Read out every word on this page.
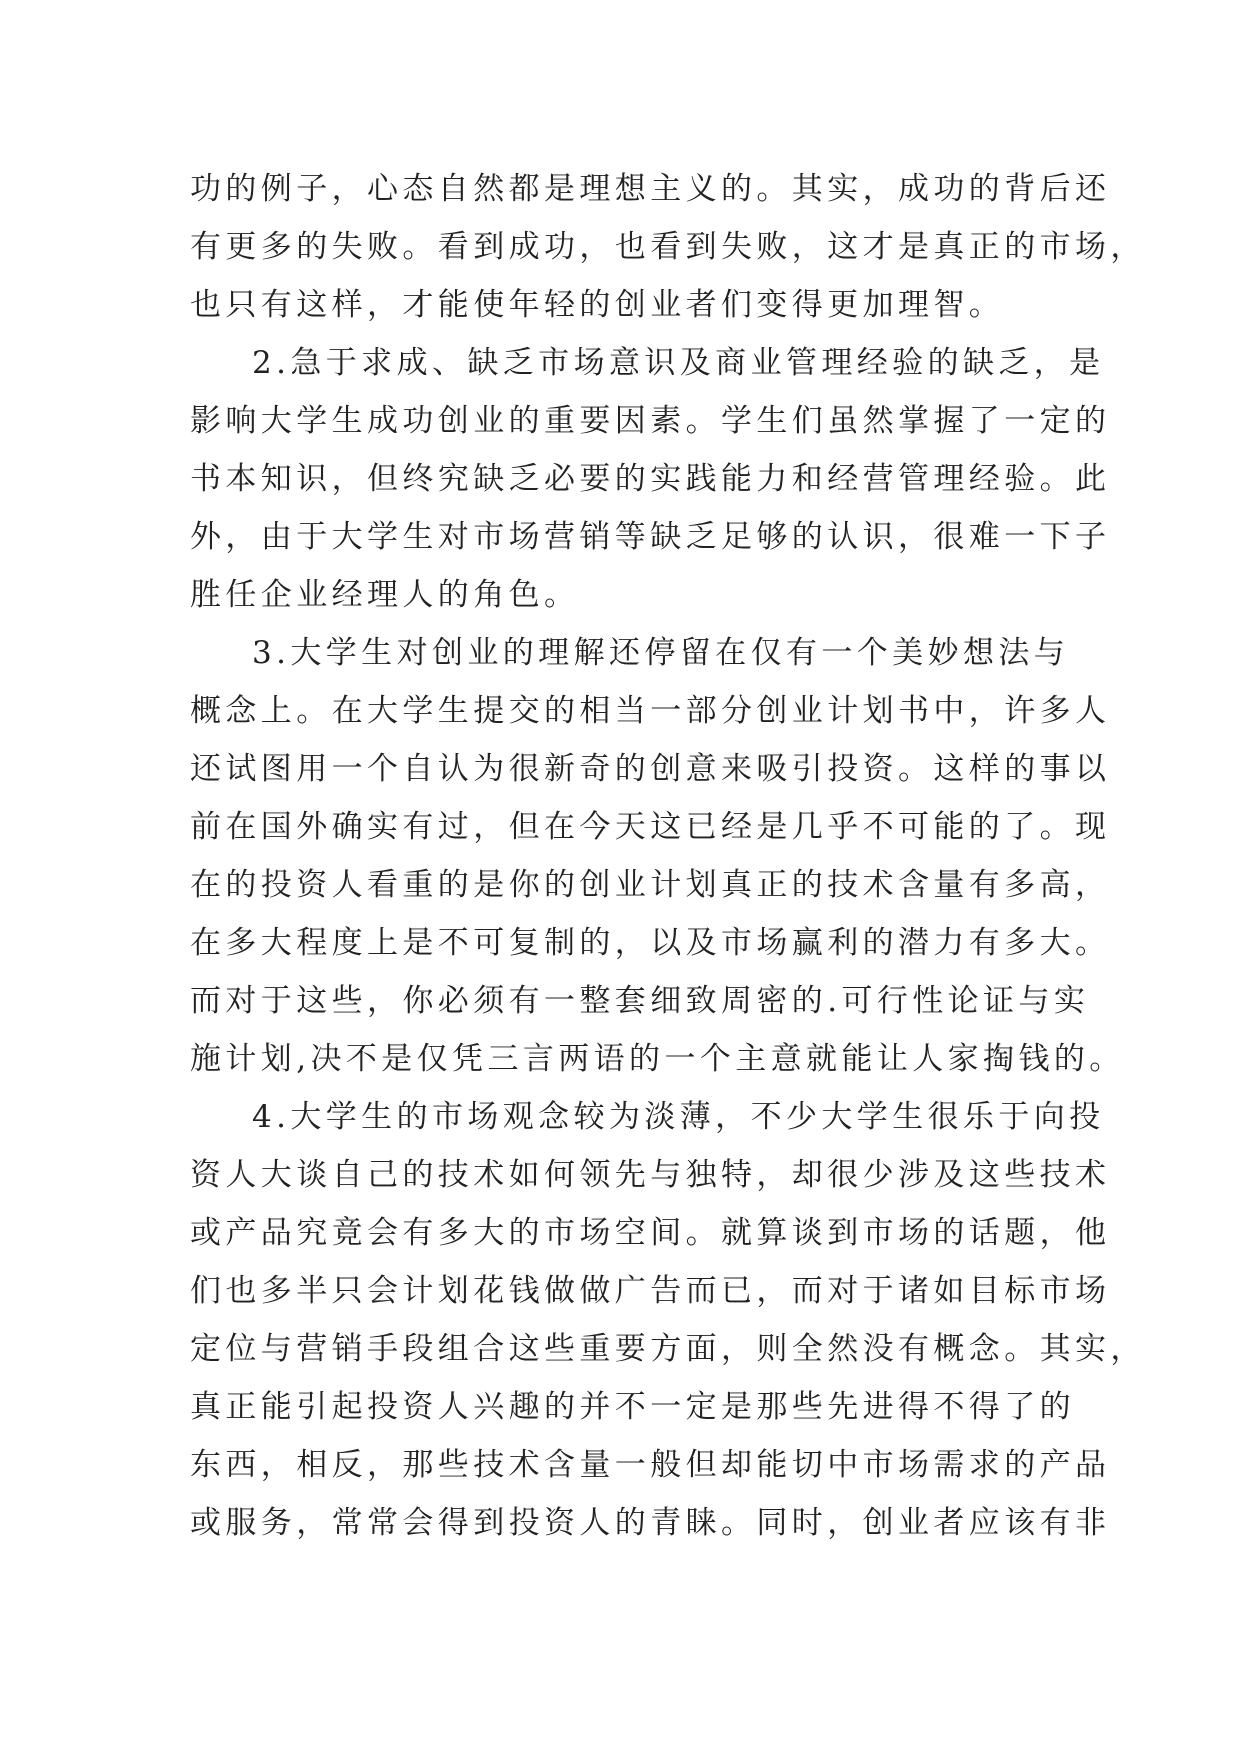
功的例子，心态自然都是理想主义的。其实，成功的背后还
有更多的失败。看到成功，也看到失败，这才是真正的市场，
也只有这样，才能使年轻的创业者们变得更加理智。
2.急于求成、缺乏市场意识及商业管理经验的缺乏，是
影响大学生成功创业的重要因素。学生们虽然掌握了一定的
书本知识，但终究缺乏必要的实践能力和经营管理经验。此
外，由于大学生对市场营销等缺乏足够的认识，很难一下子
胜任企业经理人的角色。
3.大学生对创业的理解还停留在仅有一个美妙想法与
概念上。在大学生提交的相当一部分创业计划书中，许多人
还试图用一个自认为很新奇的创意来吸引投资。这样的事以
前在国外确实有过，但在今天这已经是几乎不可能的了。现
在的投资人看重的是你的创业计划真正的技术含量有多高，
在多大程度上是不可复制的，以及市场赢利的潜力有多大。
而对于这些，你必须有一整套细致周密的.可行性论证与实
施计划,决不是仅凭三言两语的一个主意就能让人家掏钱的。
4.大学生的市场观念较为淡薄，不少大学生很乐于向投
资人大谈自己的技术如何领先与独特，却很少涉及这些技术
或产品究竟会有多大的市场空间。就算谈到市场的话题，他
们也多半只会计划花钱做做广告而已，而对于诸如目标市场
定位与营销手段组合这些重要方面，则全然没有概念。其实，
真正能引起投资人兴趣的并不一定是那些先进得不得了的
东西，相反，那些技术含量一般但却能切中市场需求的产品
或服务，常常会得到投资人的青睐。同时，创业者应该有非
